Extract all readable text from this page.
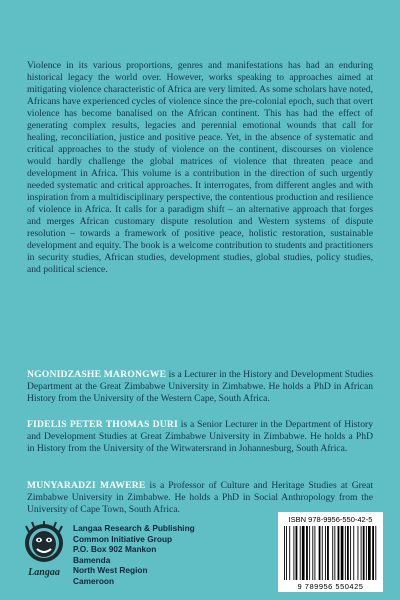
Violence in its various proportions, genres and manifestations has had an enduring historical legacy the world over. However, works speaking to approaches aimed at mitigating violence characteristic of Africa are very limited. As some scholars have noted, Africans have experienced cycles of violence since the pre-colonial epoch, such that overt violence has become banalised on the African continent. This has had the effect of generating complex results, legacies and perennial emotional wounds that call for healing, reconciliation, justice and positive peace. Yet, in the absence of systematic and critical approaches to the study of violence on the continent, discourses on violence would hardly challenge the global matrices of violence that threaten peace and development in Africa. This volume is a contribution in the direction of such urgently needed systematic and critical approaches. It interrogates, from different angles and with inspiration from a multidisciplinary perspective, the contentious production and resilience of violence in Africa. It calls for a paradigm shift – an alternative approach that forges and merges African customary dispute resolution and Western systems of dispute resolution – towards a framework of positive peace, holistic restoration, sustainable development and equity. The book is a welcome contribution to students and practitioners in security studies, African studies, development studies, global studies, policy studies, and political science.

NGONIDZASHE MARONGWE is a Lecturer in the History and Development Studies Department at the Great Zimbabwe University in Zimbabwe. He holds a PhD in African History from the University of the Western Cape, South Africa.

FIDELIS PETER THOMAS DURI is a Senior Lecturer in the Department of History and Development Studies at Great Zimbabwe University in Zimbabwe. He holds a PhD in History from the University of the Witwatersrand in Johannesburg, South Africa.

MUNYARADZI MAWERE is a Professor of Culture and Heritage Studies at Great Zimbabwe University in Zimbabwe. He holds a PhD in Social Anthropology from the University of Cape Town, South Africa.

Langaa
Langaa Research & Publishing
Common Initiative Group
P.O. Box 902 Mankon
Bamenda
North West Region
Cameroon
ISBN 978-9956-550-42-5
9 789956 550425
